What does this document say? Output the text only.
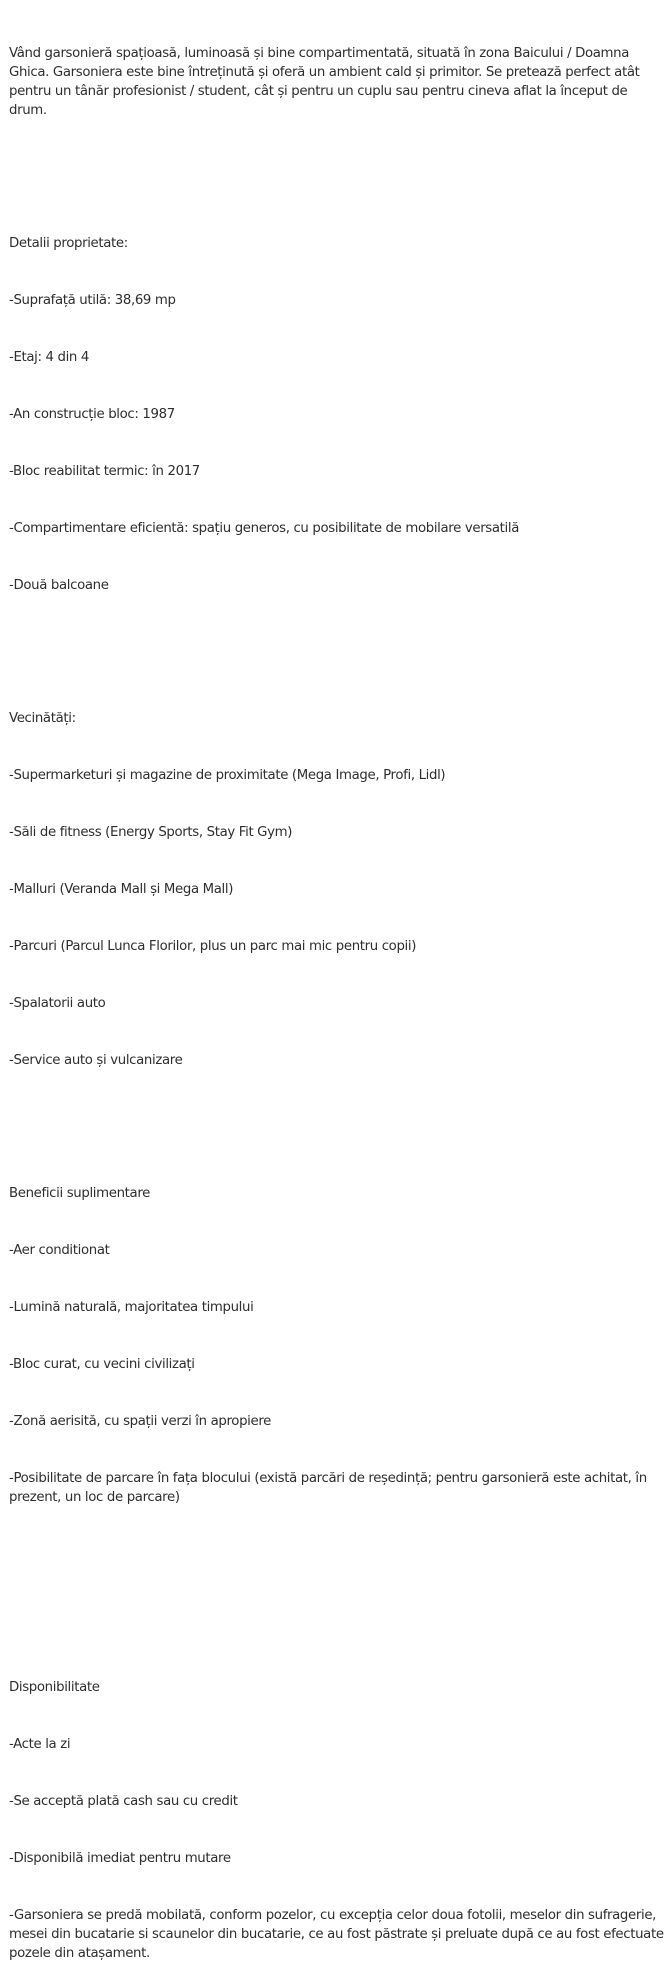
Vând garsonieră spațioasă, luminoasă și bine compartimentată, situată în zona Baicului / Doamna Ghica. Garsoniera este bine întreținută și oferă un ambient cald și primitor. Se pretează perfect atât pentru un tânăr profesionist / student, cât și pentru un cuplu sau pentru cineva aflat la început de drum.

Detalii proprietate:

-Suprafață utilă: 38,69 mp

-Etaj: 4 din 4

-An construcție bloc: 1987

-Bloc reabilitat termic: în 2017

-Compartimentare eficientă: spațiu generos, cu posibilitate de mobilare versatilă

-Două balcoane

Vecinătăți:

-Supermarketuri și magazine de proximitate (Mega Image, Profi, Lidl)

-Săli de fitness (Energy Sports, Stay Fit Gym)

-Malluri (Veranda Mall și Mega Mall)

-Parcuri (Parcul Lunca Florilor, plus un parc mai mic pentru copii)

-Spalatorii auto

-Service auto și vulcanizare

Beneficii suplimentare

-Aer conditionat

-Lumină naturală, majoritatea timpului

-Bloc curat, cu vecini civilizați

-Zonă aerisită, cu spații verzi în apropiere

-Posibilitate de parcare în fața blocului (există parcări de reședință; pentru garsonieră este achitat, în prezent, un loc de parcare)

Disponibilitate

-Acte la zi

-Se acceptă plată cash sau cu credit

-Disponibilă imediat pentru mutare

-Garsoniera se predă mobilată, conform pozelor, cu excepția celor doua fotolii, meselor din sufragerie, mesei din bucatarie si scaunelor din bucatarie, ce au fost păstrate și preluate după ce au fost efectuate pozele din atașament.
